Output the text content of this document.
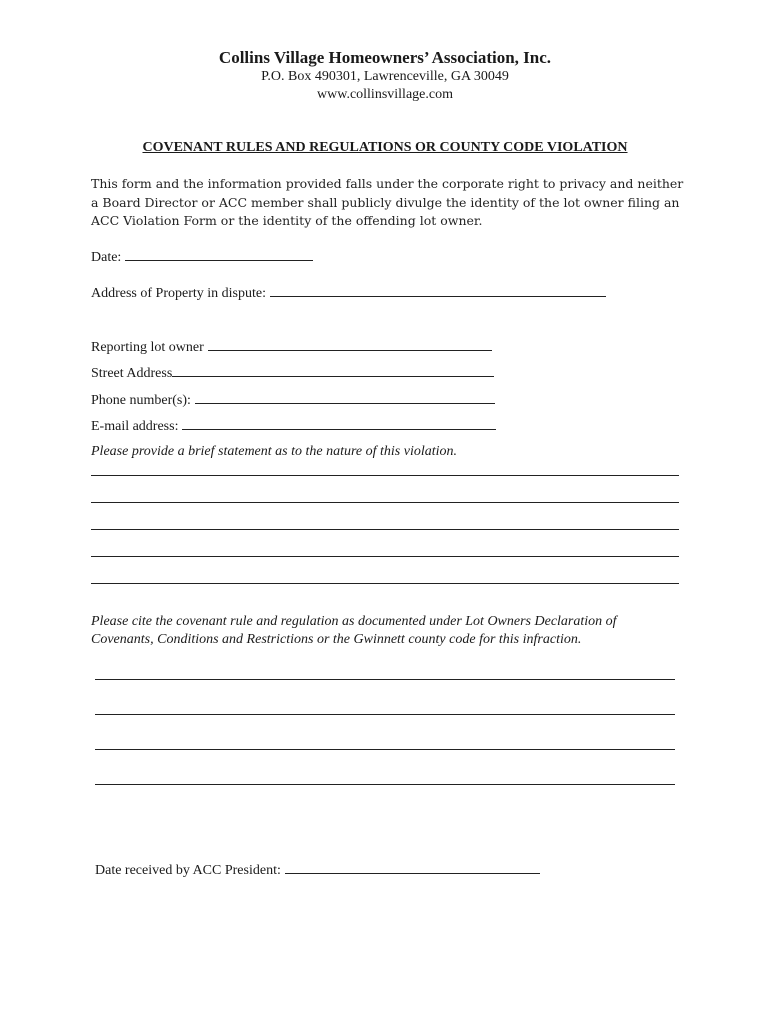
Collins Village Homeowners’ Association, Inc.
P.O. Box 490301, Lawrenceville, GA 30049
www.collinsvillage.com
COVENANT RULES AND REGULATIONS OR COUNTY CODE VIOLATION
This form and the information provided falls under the corporate right to privacy and neither a Board Director or ACC member shall publicly divulge the identity of the lot owner filing an ACC Violation Form or the identity of the offending lot owner.
Date:
Address of Property in dispute:
Reporting lot owner
Street Address
Phone number(s):
E-mail address:
Please provide a brief statement as to the nature of this violation.
Please cite the covenant rule and regulation as documented under Lot Owners Declaration of Covenants, Conditions and Restrictions or the Gwinnett county code for this infraction.
Date received by ACC President:
